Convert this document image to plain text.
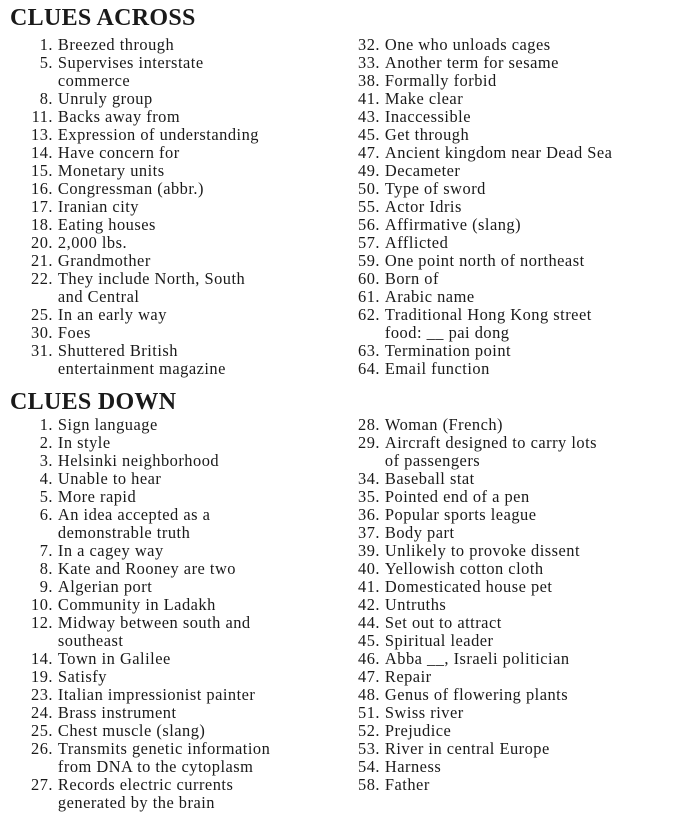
CLUES ACROSS
1. Breezed through
5. Supervises interstate
commerce
8. Unruly group
11. Backs away from
13. Expression of understanding
14. Have concern for
15. Monetary units
16. Congressman (abbr.)
17. Iranian city
18. Eating houses
20. 2,000 lbs.
21. Grandmother
22. They include North, South
and Central
25. In an early way
30. Foes
31. Shuttered British
entertainment magazine
32. One who unloads cages
33. Another term for sesame
38. Formally forbid
41. Make clear
43. Inaccessible
45. Get through
47. Ancient kingdom near Dead Sea
49. Decameter
50. Type of sword
55. Actor Idris
56. Affirmative (slang)
57. Afflicted
59. One point north of northeast
60. Born of
61. Arabic name
62. Traditional Hong Kong street
food: __ pai dong
63. Termination point
64. Email function
CLUES DOWN
1. Sign language
2. In style
3. Helsinki neighborhood
4. Unable to hear
5. More rapid
6. An idea accepted as a
demonstrable truth
7. In a cagey way
8. Kate and Rooney are two
9. Algerian port
10. Community in Ladakh
12. Midway between south and
southeast
14. Town in Galilee
19. Satisfy
23. Italian impressionist painter
24. Brass instrument
25. Chest muscle (slang)
26. Transmits genetic information
from DNA to the cytoplasm
27. Records electric currents
generated by the brain
28. Woman (French)
29. Aircraft designed to carry lots
of passengers
34. Baseball stat
35. Pointed end of a pen
36. Popular sports league
37. Body part
39. Unlikely to provoke dissent
40. Yellowish cotton cloth
41. Domesticated house pet
42. Untruths
44. Set out to attract
45. Spiritual leader
46. Abba __, Israeli politician
47. Repair
48. Genus of flowering plants
51. Swiss river
52. Prejudice
53. River in central Europe
54. Harness
58. Father
